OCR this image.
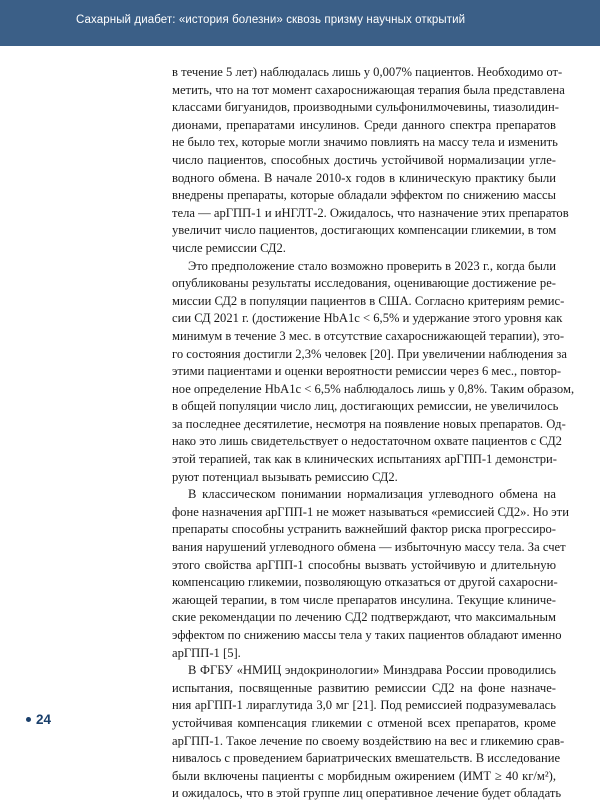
Сахарный диабет: «история болезни» сквозь призму научных открытий

в течение 5 лет) наблюдалась лишь у 0,007% пациентов. Необходимо от-
метить, что на тот момент сахароснижающая терапия была представлена
классами бигуанидов, производными сульфонилмочевины, тиазолидин-
дионами, препаратами инсулинов. Среди данного спектра препаратов
не было тех, которые могли значимо повлиять на массу тела и изменить
число пациентов, способных достичь устойчивой нормализации угле-
водного обмена. В начале 2010-х годов в клиническую практику были
внедрены препараты, которые обладали эффектом по снижению массы
тела — арГПП-1 и иНГЛТ-2. Ожидалось, что назначение этих препаратов
увеличит число пациентов, достигающих компенсации гликемии, в том
числе ремиссии СД2.

Это предположение стало возможно проверить в 2023 г., когда были
опубликованы результаты исследования, оценивающие достижение ре-
миссии СД2 в популяции пациентов в США. Согласно критериям ремис-
сии СД 2021 г. (достижение HbA1c < 6,5% и удержание этого уровня как
минимум в течение 3 мес. в отсутствие сахароснижающей терапии), это-
го состояния достигли 2,3% человек [20]. При увеличении наблюдения за
этими пациентами и оценки вероятности ремиссии через 6 мес., повтор-
ное определение HbA1c < 6,5% наблюдалось лишь у 0,8%. Таким образом,
в общей популяции число лиц, достигающих ремиссии, не увеличилось
за последнее десятилетие, несмотря на появление новых препаратов. Од-
нако это лишь свидетельствует о недостаточном охвате пациентов с СД2
этой терапией, так как в клинических испытаниях арГПП-1 демонстри-
руют потенциал вызывать ремиссию СД2.

В классическом понимании нормализация углеводного обмена на
фоне назначения арГПП-1 не может называться «ремиссией СД2». Но эти
препараты способны устранить важнейший фактор риска прогрессиро-
вания нарушений углеводного обмена — избыточную массу тела. За счет
этого свойства арГПП-1 способны вызвать устойчивую и длительную
компенсацию гликемии, позволяющую отказаться от другой сахаросни-
жающей терапии, в том числе препаратов инсулина. Текущие клиниче-
ские рекомендации по лечению СД2 подтверждают, что максимальным
эффектом по снижению массы тела у таких пациентов обладают именно
арГПП-1 [5].

В ФГБУ «НМИЦ эндокринологии» Минздрава России проводились
испытания, посвященные развитию ремиссии СД2 на фоне назначе-
ния арГПП-1 лираглутида 3,0 мг [21]. Под ремиссией подразумевалась
устойчивая компенсация гликемии с отменой всех препаратов, кроме
арГПП-1. Такое лечение по своему воздействию на вес и гликемию срав-
нивалось с проведением бариатрических вмешательств. В исследование
были включены пациенты с морбидным ожирением (ИМТ ≥ 40 кг/м²),
и ожидалось, что в этой группе лиц оперативное лечение будет обладать

24
